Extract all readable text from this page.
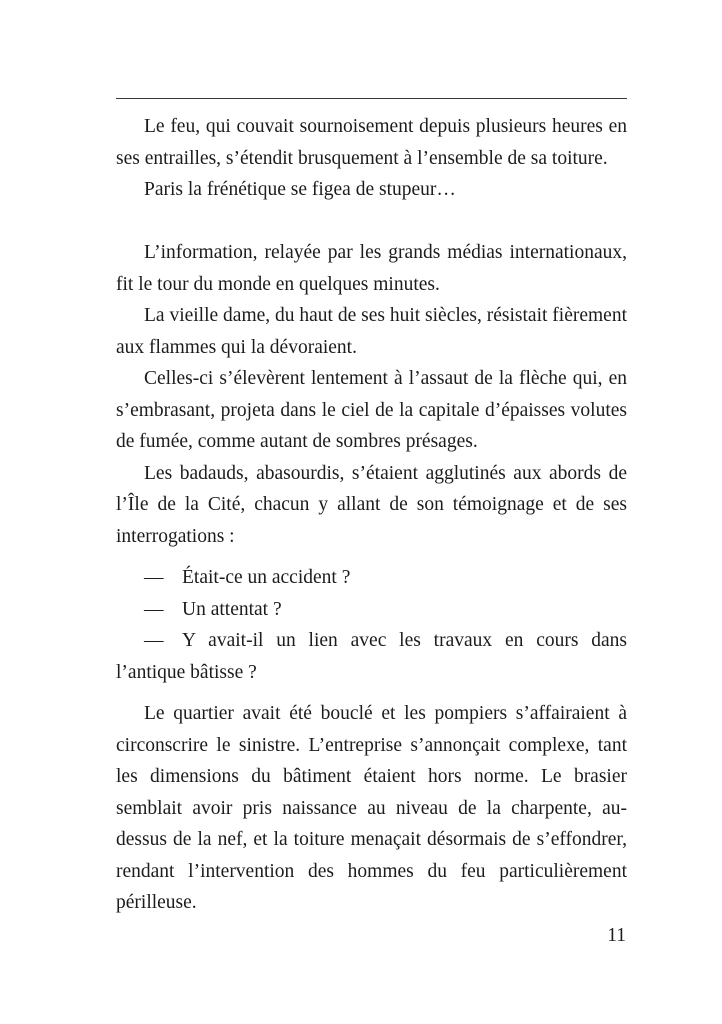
Le feu, qui couvait sournoisement depuis plusieurs heures en ses entrailles, s’étendit brusquement à l’ensemble de sa toiture.

Paris la frénétique se figea de stupeur…

L’information, relayée par les grands médias internationaux, fit le tour du monde en quelques minutes.

La vieille dame, du haut de ses huit siècles, résistait fièrement aux flammes qui la dévoraient.

Celles-ci s’élevèrent lentement à l’assaut de la flèche qui, en s’embrasant, projeta dans le ciel de la capitale d’épaisses volutes de fumée, comme autant de sombres présages.

Les badauds, abasourdis, s’étaient agglutinés aux abords de l’Île de la Cité, chacun y allant de son témoignage et de ses interrogations :

— Était-ce un accident ?

— Un attentat ?

— Y avait-il un lien avec les travaux en cours dans l’antique bâtisse ?

Le quartier avait été bouclé et les pompiers s’affairaient à circonscrire le sinistre. L’entreprise s’annonçait complexe, tant les dimensions du bâtiment étaient hors norme. Le brasier semblait avoir pris naissance au niveau de la charpente, au-dessus de la nef, et la toiture menaçait désormais de s’effondrer, rendant l’intervention des hommes du feu particulièrement périlleuse.

11
